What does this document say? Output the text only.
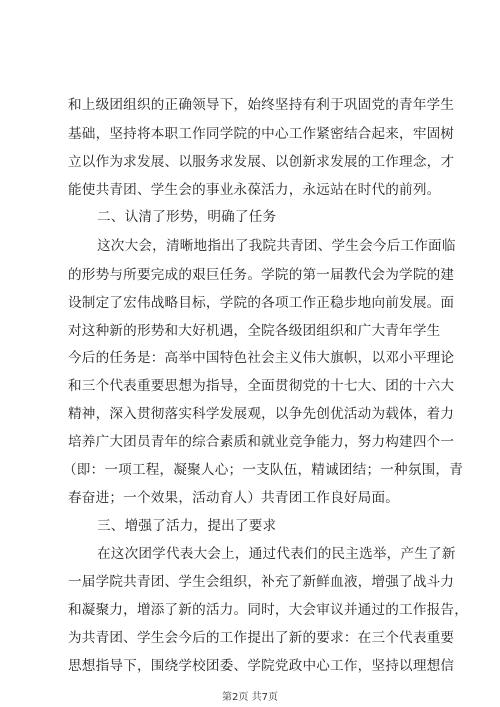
和上级团组织的正确领导下，始终坚持有利于巩固党的青年学生
基础，坚持将本职工作同学院的中心工作紧密结合起来，牢固树
立以作为求发展、以服务求发展、以创新求发展的工作理念，才
能使共青团、学生会的事业永葆活力，永远站在时代的前列。
二、认清了形势，明确了任务
这次大会，清晰地指出了我院共青团、学生会今后工作面临
的形势与所要完成的艰巨任务。学院的第一届教代会为学院的建
设制定了宏伟战略目标，学院的各项工作正稳步地向前发展。面
对这种新的形势和大好机遇，全院各级团组织和广大青年学生
今后的任务是：高举中国特色社会主义伟大旗帜，以邓小平理论
和三个代表重要思想为指导，全面贯彻党的十七大、团的十六大
精神，深入贯彻落实科学发展观，以争先创优活动为载体，着力
培养广大团员青年的综合素质和就业竞争能力，努力构建四个一
（即：一项工程，凝聚人心；一支队伍，精诚团结；一种氛围，青
春奋进；一个效果，活动育人）共青团工作良好局面。
三、增强了活力，提出了要求
在这次团学代表大会上，通过代表们的民主选举，产生了新
一届学院共青团、学生会组织，补充了新鲜血液，增强了战斗力
和凝聚力，增添了新的活力。同时，大会审议并通过的工作报告，
为共青团、学生会今后的工作提出了新的要求：在三个代表重要
思想指导下，围绕学校团委、学院党政中心工作，坚持以理想信
第2页 共7页
